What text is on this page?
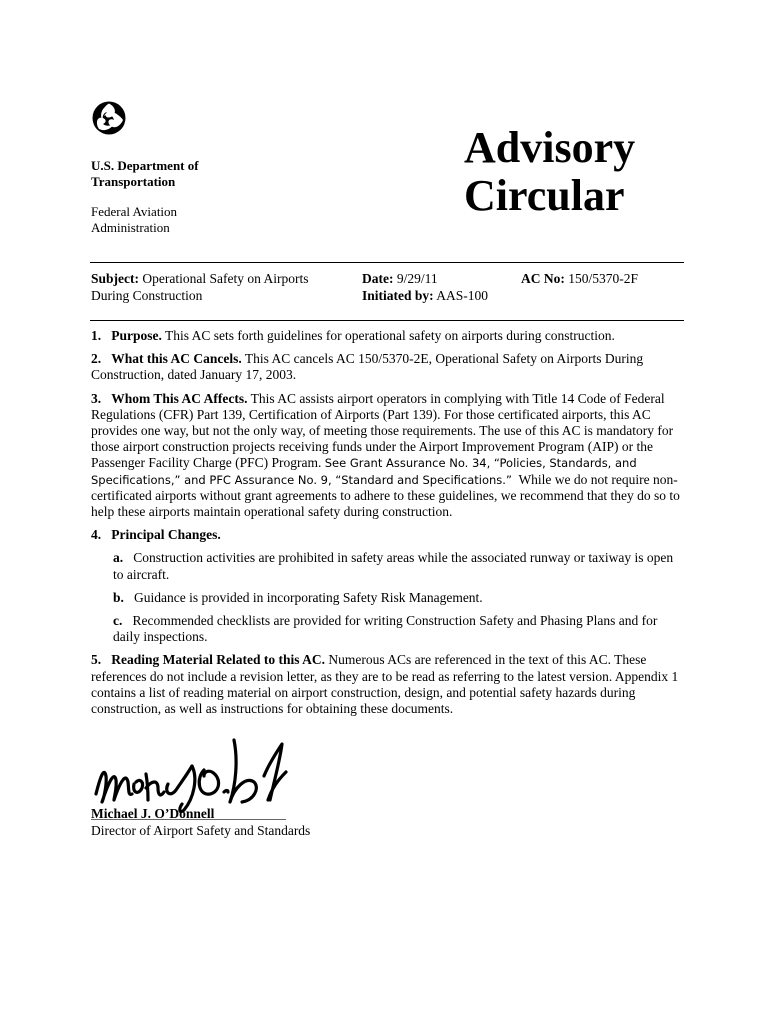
U.S. Department of Transportation
Federal Aviation Administration
Advisory Circular
Subject: Operational Safety on Airports During Construction
Date: 9/29/11
Initiated by: AAS-100
AC No: 150/5370-2F

1. Purpose. This AC sets forth guidelines for operational safety on airports during construction.

2. What this AC Cancels. This AC cancels AC 150/5370-2E, Operational Safety on Airports During Construction, dated January 17, 2003.

3. Whom This AC Affects. This AC assists airport operators in complying with Title 14 Code of Federal Regulations (CFR) Part 139, Certification of Airports (Part 139). For those certificated airports, this AC provides one way, but not the only way, of meeting those requirements. The use of this AC is mandatory for those airport construction projects receiving funds under the Airport Improvement Program (AIP) or the Passenger Facility Charge (PFC) Program. See Grant Assurance No. 34, “Policies, Standards, and Specifications,” and PFC Assurance No. 9, “Standard and Specifications.” While we do not require non-certificated airports without grant agreements to adhere to these guidelines, we recommend that they do so to help these airports maintain operational safety during construction.

4. Principal Changes.

a. Construction activities are prohibited in safety areas while the associated runway or taxiway is open to aircraft.

b. Guidance is provided in incorporating Safety Risk Management.

c. Recommended checklists are provided for writing Construction Safety and Phasing Plans and for daily inspections.

5. Reading Material Related to this AC. Numerous ACs are referenced in the text of this AC. These references do not include a revision letter, as they are to be read as referring to the latest version. Appendix 1 contains a list of reading material on airport construction, design, and potential safety hazards during construction, as well as instructions for obtaining these documents.

Michael J. O’Donnell
Director of Airport Safety and Standards
